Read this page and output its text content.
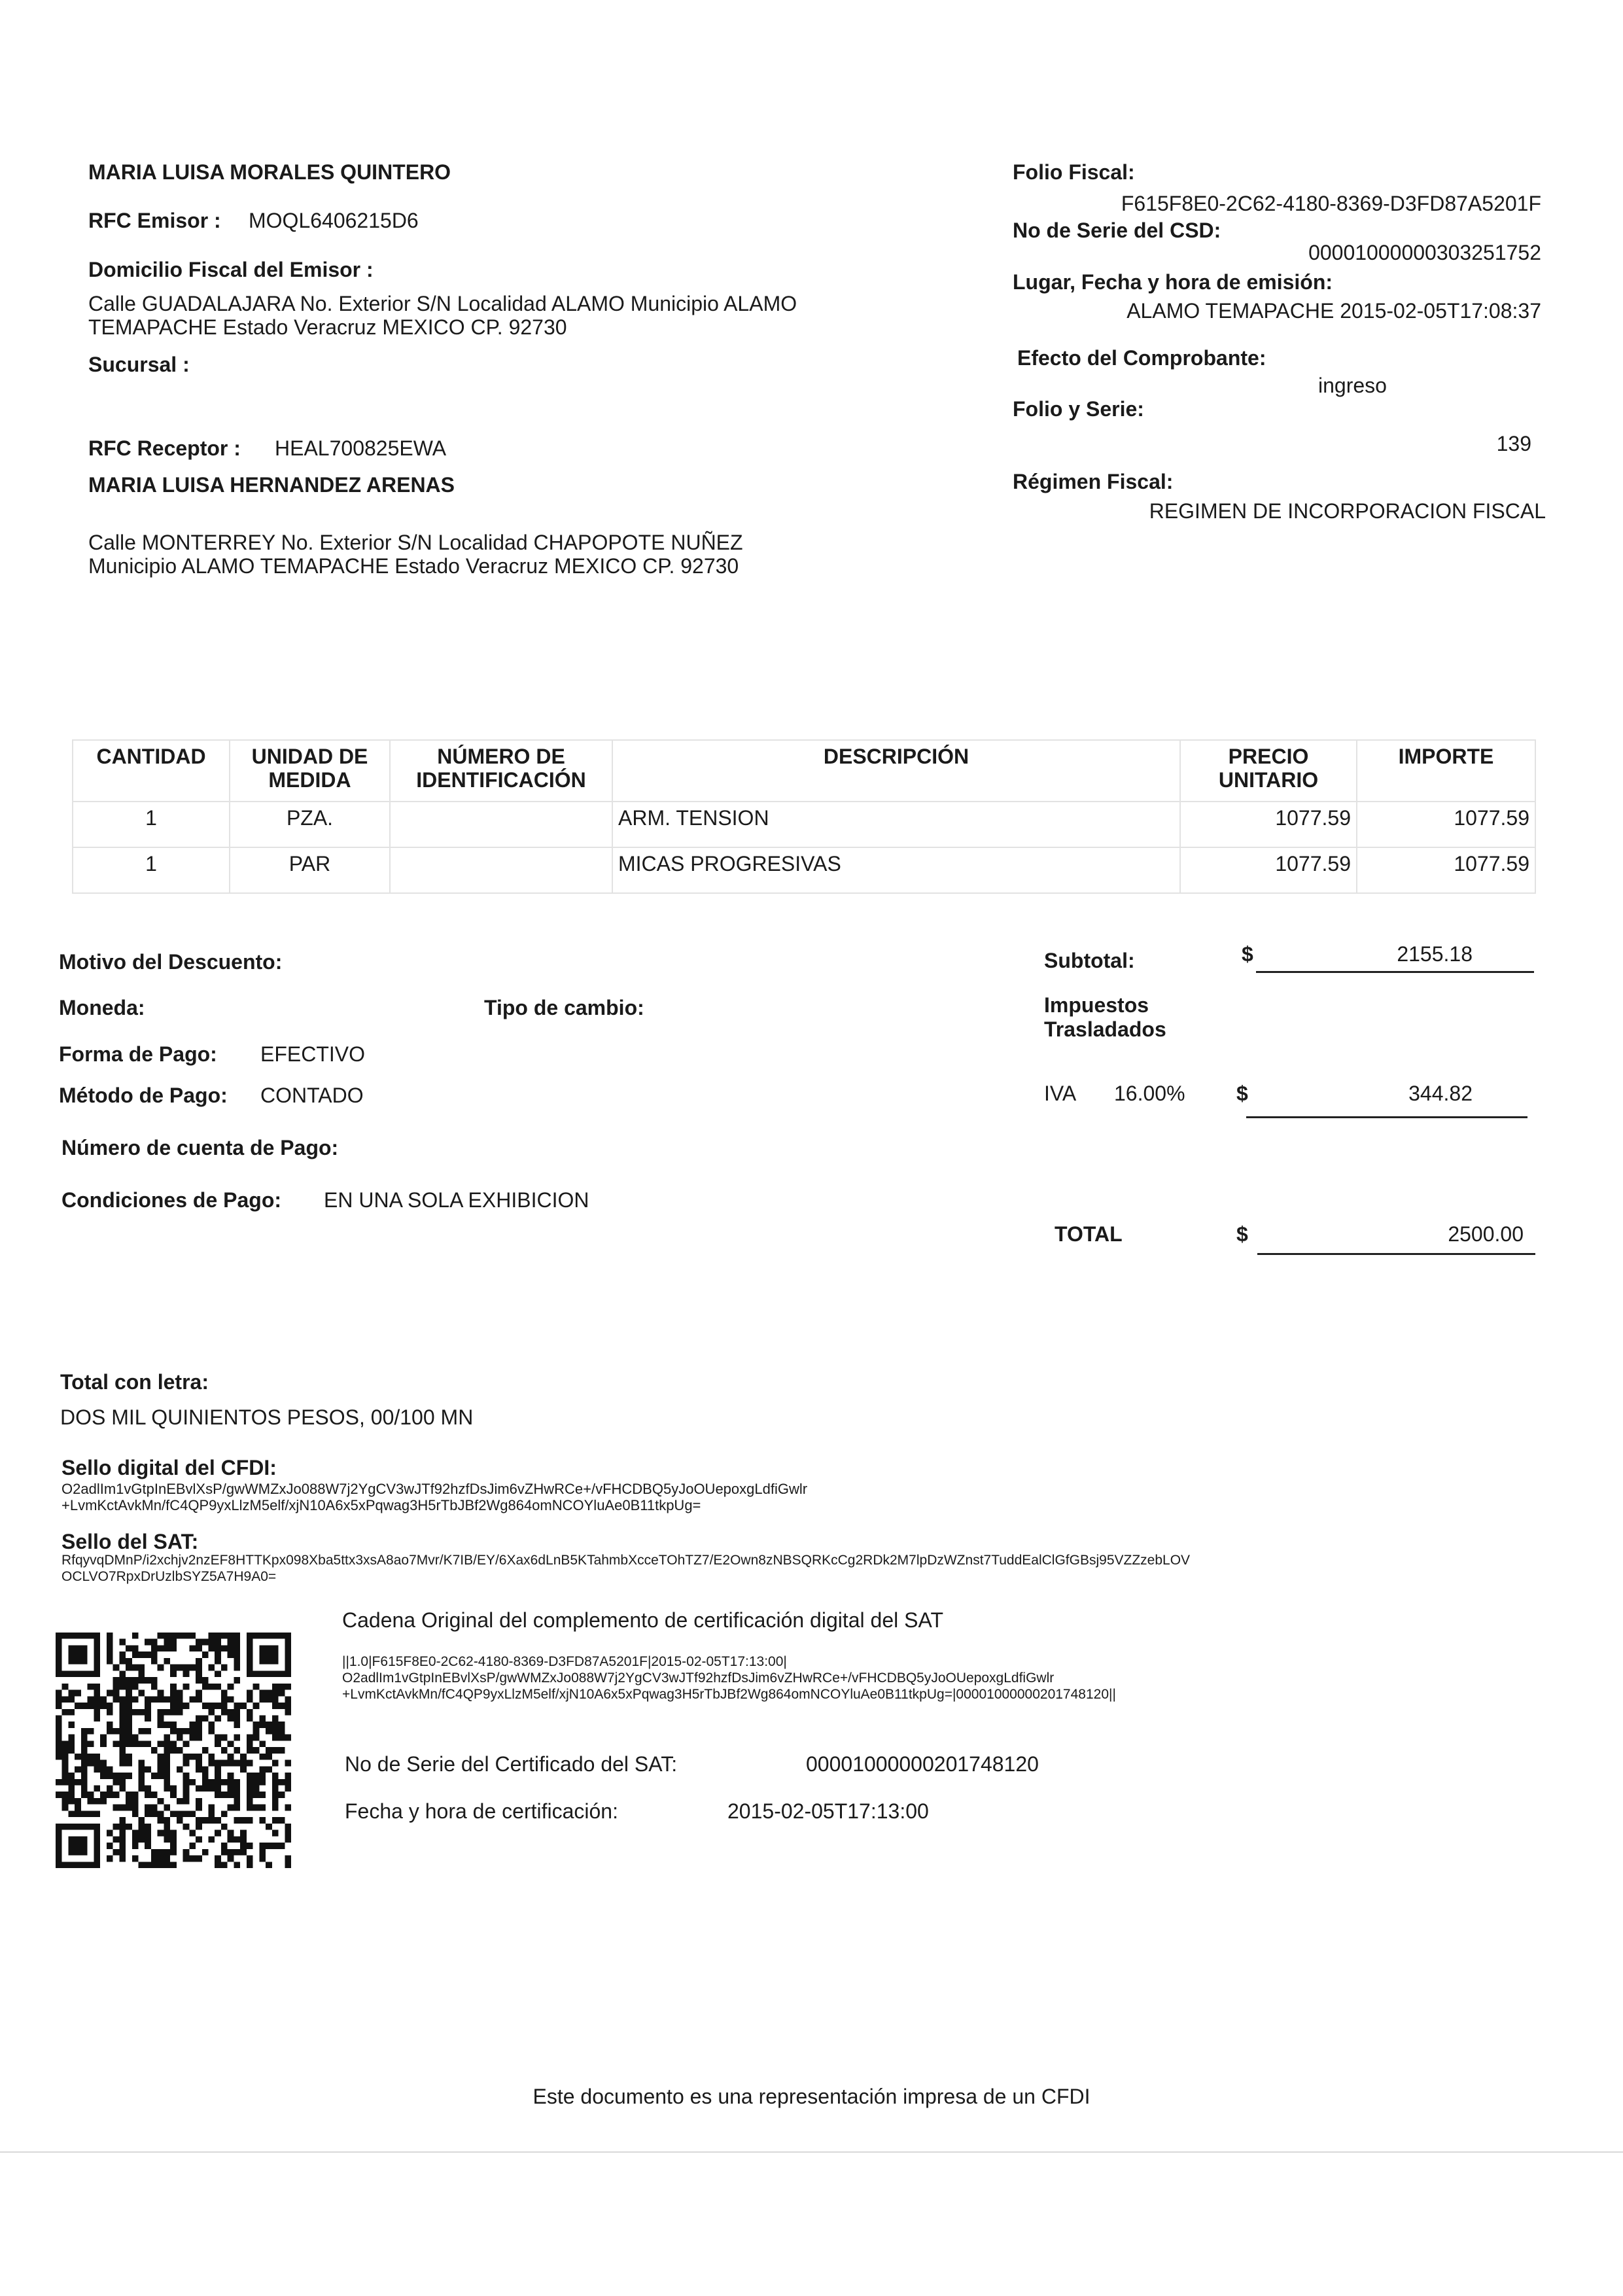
MARIA LUISA MORALES QUINTERO
RFC Emisor : MOQL6406215D6
Domicilio Fiscal del Emisor :
Calle GUADALAJARA No. Exterior S/N Localidad ALAMO Municipio ALAMO
TEMAPACHE Estado Veracruz MEXICO CP. 92730
Sucursal :
RFC Receptor : HEAL700825EWA
MARIA LUISA HERNANDEZ ARENAS
Calle MONTERREY No. Exterior S/N Localidad CHAPOPOTE NUÑEZ
Municipio ALAMO TEMAPACHE Estado Veracruz MEXICO CP. 92730
Folio Fiscal:
F615F8E0-2C62-4180-8369-D3FD87A5201F
No de Serie del CSD:
00001000000303251752
Lugar, Fecha y hora de emisión:
ALAMO TEMAPACHE 2015-02-05T17:08:37
Efecto del Comprobante:
ingreso
Folio y Serie:
139
Régimen Fiscal:
REGIMEN DE INCORPORACION FISCAL
CANTIDAD	UNIDAD DE MEDIDA	NÚMERO DE IDENTIFICACIÓN	DESCRIPCIÓN	PRECIO UNITARIO	IMPORTE
1	PZA.		ARM. TENSION	1077.59	1077.59
1	PAR		MICAS PROGRESIVAS	1077.59	1077.59
Motivo del Descuento:
Moneda:	Tipo de cambio:
Forma de Pago: EFECTIVO
Método de Pago: CONTADO
Número de cuenta de Pago:
Condiciones de Pago: EN UNA SOLA EXHIBICION
Subtotal:	$	2155.18
Impuestos
Trasladados
IVA 16.00% $	344.82
TOTAL	$	2500.00
Total con letra:
DOS MIL QUINIENTOS PESOS, 00/100 MN
Sello digital del CFDI:
O2adlIm1vGtpInEBvlXsP/gwWMZxJo088W7j2YgCV3wJTf92hzfDsJim6vZHwRCe+/vFHCDBQ5yJoOUepoxgLdfiGwlr
+LvmKctAvkMn/fC4QP9yxLlzM5elf/xjN10A6x5xPqwag3H5rTbJBf2Wg864omNCOYluAe0B11tkpUg=
Sello del SAT:
RfqyvqDMnP/i2xchjv2nzEF8HTTKpx098Xba5ttx3xsA8ao7Mvr/K7IB/EY/6Xax6dLnB5KTahmbXcceTOhTZ7/E2Own8zNBSQRKcCg2RDk2M7lpDzWZnst7TuddEalClGfGBsj95VZZzebLOV
OCLVO7RpxDrUzlbSYZ5A7H9A0=
Cadena Original del complemento de certificación digital del SAT
||1.0|F615F8E0-2C62-4180-8369-D3FD87A5201F|2015-02-05T17:13:00|
O2adlIm1vGtpInEBvlXsP/gwWMZxJo088W7j2YgCV3wJTf92hzfDsJim6vZHwRCe+/vFHCDBQ5yJoOUepoxgLdfiGwlr
+LvmKctAvkMn/fC4QP9yxLlzM5elf/xjN10A6x5xPqwag3H5rTbJBf2Wg864omNCOYluAe0B11tkpUg=|00001000000201748120||
No de Serie del Certificado del SAT:	00001000000201748120
Fecha y hora de certificación:	2015-02-05T17:13:00
Este documento es una representación impresa de un CFDI
